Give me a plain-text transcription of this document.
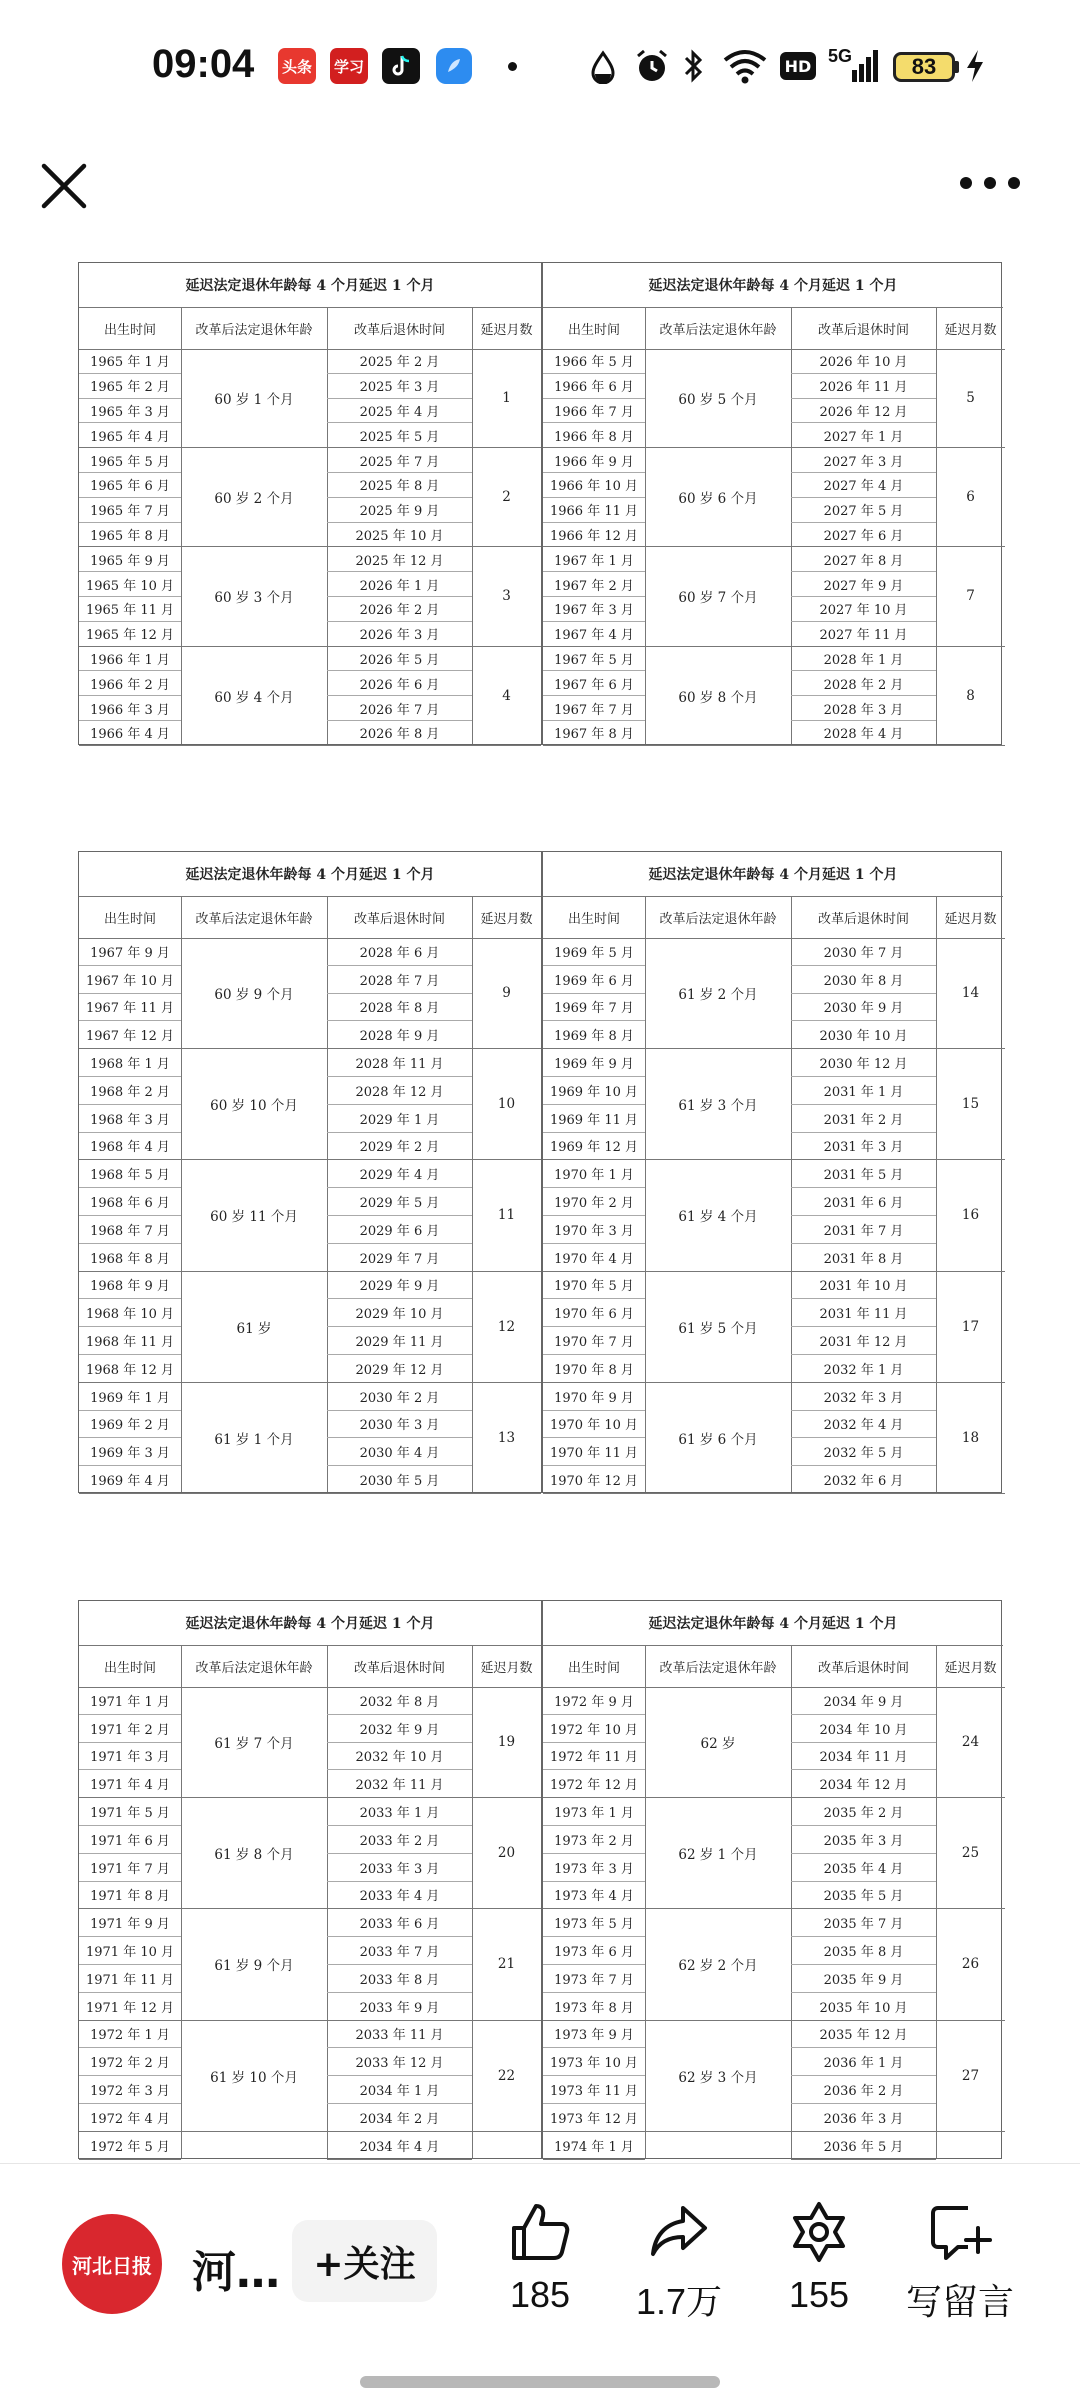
09:04 头条 学习	HD 5G	83
延迟法定退休年龄每 4 个月延迟 1 个月
出生时间	改革后法定退休年龄	改革后退休时间	延迟月数
1965 年 1 月	2025 年 2 月
1965 年 2 月	2025 年 3 月
1965 年 3 月	2025 年 4 月
1965 年 4 月	2025 年 5 月
60 岁 1 个月	1
1965 年 5 月	2025 年 7 月
1965 年 6 月	2025 年 8 月
1965 年 7 月	2025 年 9 月
1965 年 8 月	2025 年 10 月
60 岁 2 个月	2
1965 年 9 月	2025 年 12 月
1965 年 10 月	2026 年 1 月
1965 年 11 月	2026 年 2 月
1965 年 12 月	2026 年 3 月
60 岁 3 个月	3
1966 年 1 月	2026 年 5 月
1966 年 2 月	2026 年 6 月
1966 年 3 月	2026 年 7 月
1966 年 4 月	2026 年 8 月
60 岁 4 个月	4
延迟法定退休年龄每 4 个月延迟 1 个月
出生时间	改革后法定退休年龄	改革后退休时间	延迟月数
1966 年 5 月	2026 年 10 月
1966 年 6 月	2026 年 11 月
1966 年 7 月	2026 年 12 月
1966 年 8 月	2027 年 1 月
60 岁 5 个月	5
1966 年 9 月	2027 年 3 月
1966 年 10 月	2027 年 4 月
1966 年 11 月	2027 年 5 月
1966 年 12 月	2027 年 6 月
60 岁 6 个月	6
1967 年 1 月	2027 年 8 月
1967 年 2 月	2027 年 9 月
1967 年 3 月	2027 年 10 月
1967 年 4 月	2027 年 11 月
60 岁 7 个月	7
1967 年 5 月	2028 年 1 月
1967 年 6 月	2028 年 2 月
1967 年 7 月	2028 年 3 月
1967 年 8 月	2028 年 4 月
60 岁 8 个月	8
延迟法定退休年龄每 4 个月延迟 1 个月
出生时间	改革后法定退休年龄	改革后退休时间	延迟月数
1967 年 9 月	2028 年 6 月
1967 年 10 月	2028 年 7 月
1967 年 11 月	2028 年 8 月
1967 年 12 月	2028 年 9 月
60 岁 9 个月	9
1968 年 1 月	2028 年 11 月
1968 年 2 月	2028 年 12 月
1968 年 3 月	2029 年 1 月
1968 年 4 月	2029 年 2 月
60 岁 10 个月	10
1968 年 5 月	2029 年 4 月
1968 年 6 月	2029 年 5 月
1968 年 7 月	2029 年 6 月
1968 年 8 月	2029 年 7 月
60 岁 11 个月	11
1968 年 9 月	2029 年 9 月
1968 年 10 月	2029 年 10 月
1968 年 11 月	2029 年 11 月
1968 年 12 月	2029 年 12 月
61 岁	12
1969 年 1 月	2030 年 2 月
1969 年 2 月	2030 年 3 月
1969 年 3 月	2030 年 4 月
1969 年 4 月	2030 年 5 月
61 岁 1 个月	13
延迟法定退休年龄每 4 个月延迟 1 个月
出生时间	改革后法定退休年龄	改革后退休时间	延迟月数
1969 年 5 月	2030 年 7 月
1969 年 6 月	2030 年 8 月
1969 年 7 月	2030 年 9 月
1969 年 8 月	2030 年 10 月
61 岁 2 个月	14
1969 年 9 月	2030 年 12 月
1969 年 10 月	2031 年 1 月
1969 年 11 月	2031 年 2 月
1969 年 12 月	2031 年 3 月
61 岁 3 个月	15
1970 年 1 月	2031 年 5 月
1970 年 2 月	2031 年 6 月
1970 年 3 月	2031 年 7 月
1970 年 4 月	2031 年 8 月
61 岁 4 个月	16
1970 年 5 月	2031 年 10 月
1970 年 6 月	2031 年 11 月
1970 年 7 月	2031 年 12 月
1970 年 8 月	2032 年 1 月
61 岁 5 个月	17
1970 年 9 月	2032 年 3 月
1970 年 10 月	2032 年 4 月
1970 年 11 月	2032 年 5 月
1970 年 12 月	2032 年 6 月
61 岁 6 个月	18
延迟法定退休年龄每 4 个月延迟 1 个月
出生时间	改革后法定退休年龄	改革后退休时间	延迟月数
1971 年 1 月	2032 年 8 月
1971 年 2 月	2032 年 9 月
1971 年 3 月	2032 年 10 月
1971 年 4 月	2032 年 11 月
61 岁 7 个月	19
1971 年 5 月	2033 年 1 月
1971 年 6 月	2033 年 2 月
1971 年 7 月	2033 年 3 月
1971 年 8 月	2033 年 4 月
61 岁 8 个月	20
1971 年 9 月	2033 年 6 月
1971 年 10 月	2033 年 7 月
1971 年 11 月	2033 年 8 月
1971 年 12 月	2033 年 9 月
61 岁 9 个月	21
1972 年 1 月	2033 年 11 月
1972 年 2 月	2033 年 12 月
1972 年 3 月	2034 年 1 月
1972 年 4 月	2034 年 2 月
61 岁 10 个月	22
1972 年 5 月	2034 年 4 月
延迟法定退休年龄每 4 个月延迟 1 个月
出生时间	改革后法定退休年龄	改革后退休时间	延迟月数
1972 年 9 月	2034 年 9 月
1972 年 10 月	2034 年 10 月
1972 年 11 月	2034 年 11 月
1972 年 12 月	2034 年 12 月
62 岁	24
1973 年 1 月	2035 年 2 月
1973 年 2 月	2035 年 3 月
1973 年 3 月	2035 年 4 月
1973 年 4 月	2035 年 5 月
62 岁 1 个月	25
1973 年 5 月	2035 年 7 月
1973 年 6 月	2035 年 8 月
1973 年 7 月	2035 年 9 月
1973 年 8 月	2035 年 10 月
62 岁 2 个月	26
1973 年 9 月	2035 年 12 月
1973 年 10 月	2036 年 1 月
1973 年 11 月	2036 年 2 月
1973 年 12 月	2036 年 3 月
62 岁 3 个月	27
1974 年 1 月	2036 年 5 月
河北日报 河… +关注
185	1.7万	155	写留言
